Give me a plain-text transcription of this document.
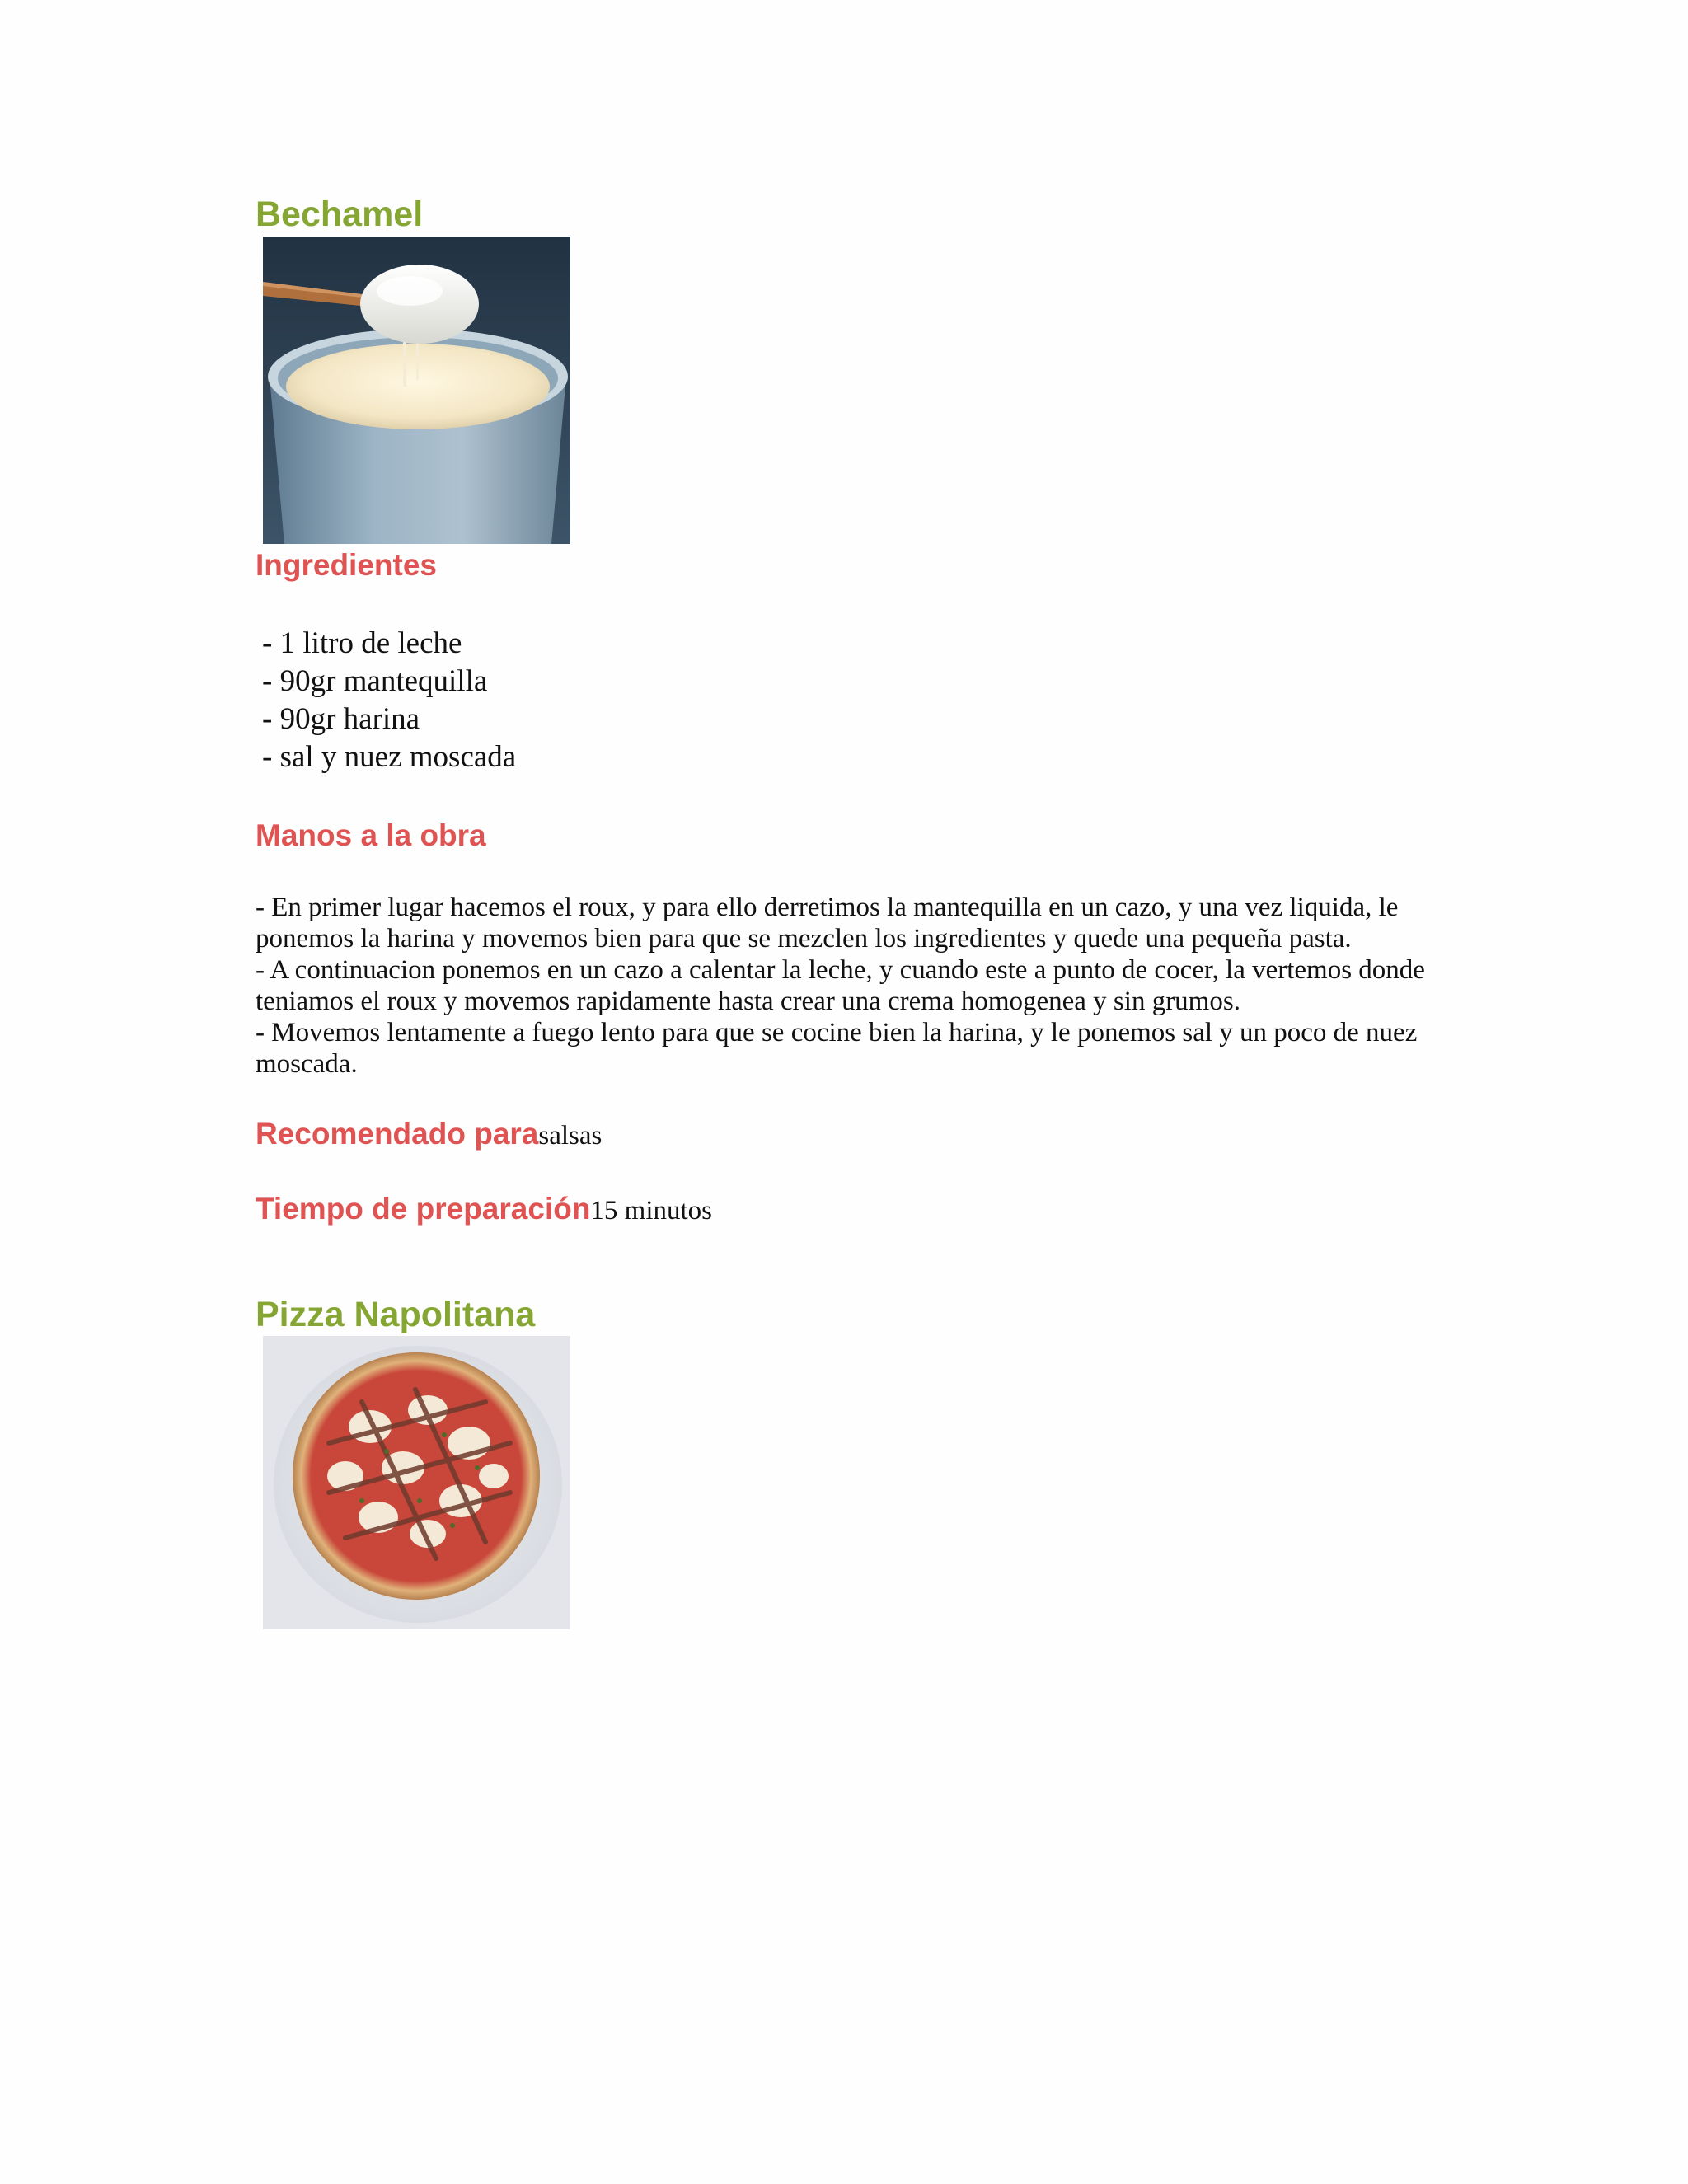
Bechamel
Ingredientes
- 1 litro de leche
- 90gr mantequilla
- 90gr harina
- sal y nuez moscada
Manos a la obra

- En primer lugar hacemos el roux, y para ello derretimos la mantequilla en un cazo, y una vez liquida, le ponemos la harina y movemos bien para que se mezclen los ingredientes y quede una pequeña pasta.

- A continuacion ponemos en un cazo a calentar la leche, y cuando este a punto de cocer, la vertemos donde teniamos el roux y movemos rapidamente hasta crear una crema homogenea y sin grumos.

- Movemos lentamente a fuego lento para que se cocine bien la harina, y le ponemos sal y un poco de nuez moscada.

Recomendado parasalsas
Tiempo de preparación15 minutos
Pizza Napolitana
